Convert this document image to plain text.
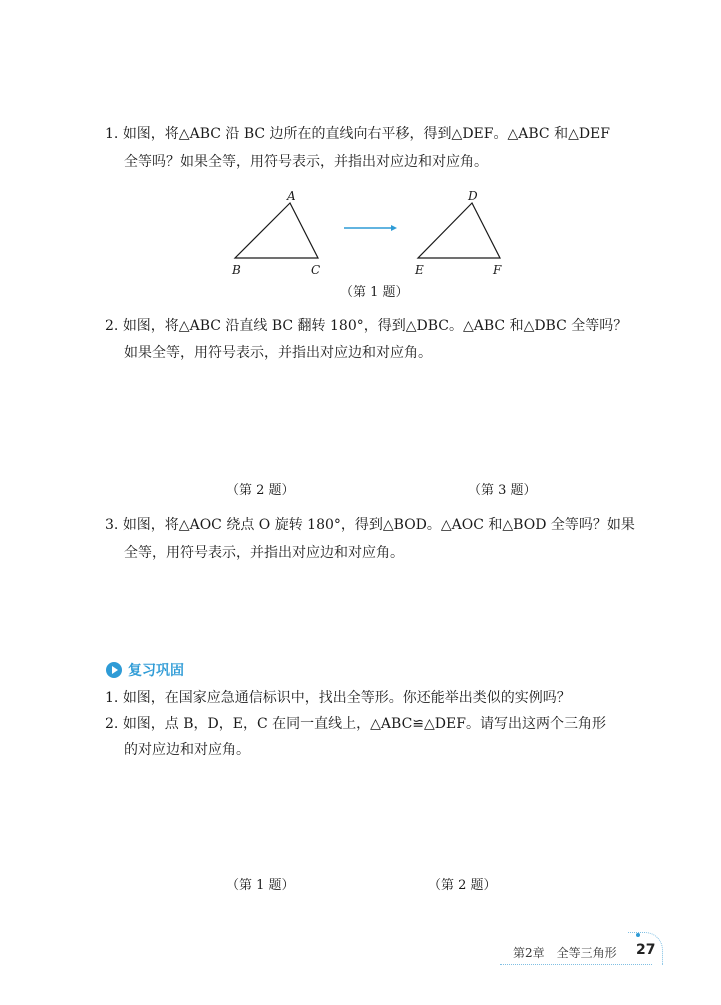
1. 如图，将△ABC 沿 BC 边所在的直线向右平移，得到△DEF。△ABC 和△DEF
全等吗？如果全等，用符号表示，并指出对应边和对应角。
A
B	C
D
E	F
（第 1 题）
2. 如图，将△ABC 沿直线 BC 翻转 180°，得到△DBC。△ABC 和△DBC 全等吗？
如果全等，用符号表示，并指出对应边和对应角。
（第 2 题）	（第 3 题）
3. 如图，将△AOC 绕点 O 旋转 180°，得到△BOD。△AOC 和△BOD 全等吗？如果
全等，用符号表示，并指出对应边和对应角。
复习巩固
1. 如图，在国家应急通信标识中，找出全等形。你还能举出类似的实例吗？
2. 如图，点 B，D，E，C 在同一直线上，△ABC≌△DEF。请写出这两个三角形
的对应边和对应角。
（第 1 题）	（第 2 题）
第2章　全等三角形 27
